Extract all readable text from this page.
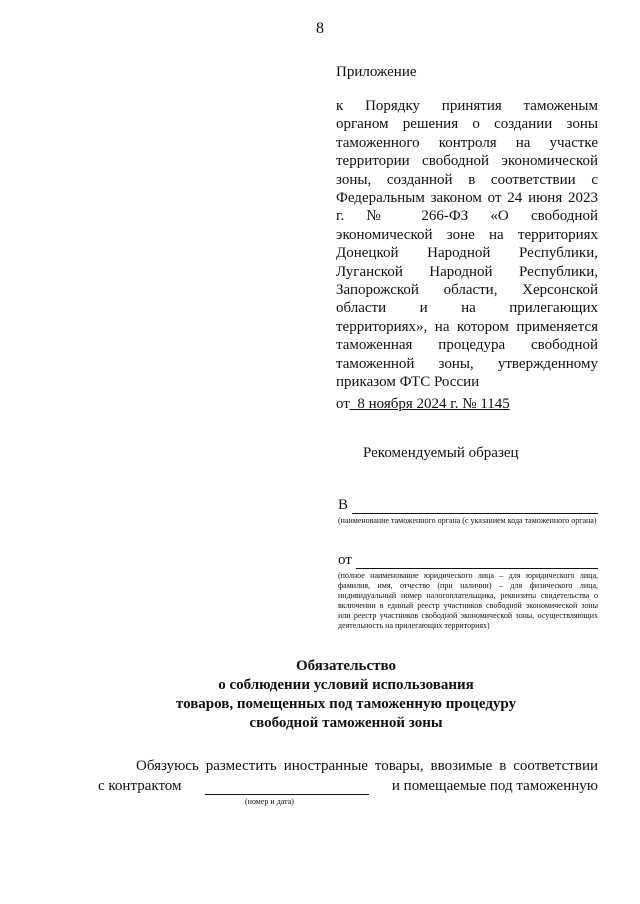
8
Приложение
к Порядку принятия таможеным органом решения о создании зоны таможенного контроля на участке территории свободной экономической зоны, созданной в соответствии с Федеральным законом от 24 июня 2023 г. № 266-ФЗ «О свободной экономической зоне на территориях Донецкой Народной Республики, Луганской Народной Республики, Запорожской области, Херсонской области и на прилегающих территориях», на котором применяется таможенная процедура свободной таможенной зоны, утвержденному приказом ФТС России
от 8 ноября 2024 г. № 1145
Рекомендуемый образец
В
(наименование таможенного органа (с указанием кода таможенного органа)
от
(полное наименование юридического лица – для юридического лица, фамилия, имя, отчество (при наличии) – для физического лица, индивидуальный номер налогоплательщика, реквизиты свидетельства о включении в единый реестр участников свободной экономической зоны или реестр участников свободной экономической зоны, осуществляющих деятельность на прилегающих территориях)
Обязательство
о соблюдении условий использования
товаров, помещенных под таможенную процедуру
свободной таможенной зоны
Обязуюсь разместить иностранные товары, ввозимые в соответствии
с контрактом	и помещаемые под таможенную
(номер и дата)
